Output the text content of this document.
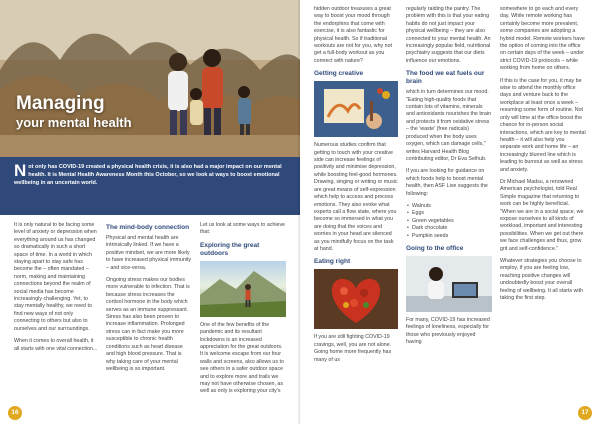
Managing
your mental health
N ot only has COVID-19 created a physical health crisis, it is also had a major impact on our mental health. It is Mental Health Awareness Month this October, so we look at ways to boost emotional wellbeing in an uncertain world.

It is only natural to be facing some level of anxiety or depression when everything around us has changed so dramatically in such a short space of time. In a world in which staying apart to stay safe has become the – often mandated – norm, making and maintaining connections beyond the realm of social media has become increasingly challenging. Yet, to stay mentally healthy, we need to find new ways of not only connecting to others but also to ourselves and our surroundings.

When it comes to overall health, it all starts with one vital connection...

The mind-body connection

Physical and mental health are intrinsically linked. If we have a positive mindset, we are more likely to have increased physical immunity – and vice-versa.

Ongoing stress makes our bodies more vulnerable to infection. That is because stress increases the cortisol hormone in the body which serves as an immune suppressant. Stress has also been proven to increase inflammation. Prolonged stress can in fact make you more susceptible to chronic health conditions such as heart disease and high blood pressure. That is why taking care of your mental wellbeing is so important.

Let us look at some ways to achieve that:

Exploring the great outdoors

One of the few benefits of the pandemic and its resultant lockdowns is an increased appreciation for the great outdoors. It is welcome escape from our four walls and screens, also allows us to see others in a safer outdoor space and to explore more and trails we may not have otherwise chosen, as well as only is exploring your city's

16

hidden outdoor treasures a great way to boost your mood through the endorphins that come with exercise, it is also fantastic for physical health. So if traditional workouts are not for you, why not get a full-body workout as you connect with nature?

Getting creative

Numerous studies confirm that getting to touch with your creative side can increase feelings of positivity and minimise depression, while boosting feel-good hormones. Drawing, singing or writing or music are great means of self-expression which help to access and process emotions. They also evoke what experts call a flow state, where you become so immersed in what you are doing that the voices and worries in your head are silenced as you mindfully focus on the task at hand.

Eating right

If you are still fighting COVID-19 cravings, well, you are not alone. Going home more frequently has many of us

regularly raiding the pantry. The problem with this is that your eating habits do not just impact your physical wellbeing – they are also connected to your mental health. An increasingly popular field, nutritional psychiatry suggests that our diets influence our emotions.

The food we eat fuels our brain

which in turn determines our mood. "Eating high-quality foods that contain lots of vitamins, minerals and antioxidants nourishes the brain and protects it from oxidative stress – the 'waste' (free radicals) produced when the body uses oxygen, which can damage cells," writes Harvard Health Blog contributing editor, Dr Eva Selhub.

If you are looking for guidance on which foods help to boost mental health, then ASF Live suggests the following:

• Walnuts
• Eggs
• Green vegetables
• Dark chocolate
• Pumpkin seeds
Going to the office

For many, COVID-19 has increased feelings of loneliness, especially for those who previously enjoyed having

somewhere to go each and every day. While remote working has certainly become more prevalent, some companies are adopting a hybrid model. Remote workers have the option of coming into the office on certain days of the week – under strict COVID-19 protocols – while working from home on others.

If this is the case for you, it may be wise to attend the monthly office days and venture back to the workplace at least once a week – resuming some form of routine. Not only will time at the office boost the chance for in-person social interactions, which are key to mental health – it will also help you separate work and home life – an increasingly blurred line which is leading to burnout as well as stress and anxiety.

Dr Michael Madsu, a renowned American psychologist, told Real Simple magazine that returning to work can be highly beneficial. "When we are in a social space, we expose ourselves to all kinds of workload, important and interesting possibilities. When we get out there we face challenges and thus, grow grit and self-confidence."

Whatever strategies you choose to employ, if you are feeling low, reaching positive changes will undoubtedly boost your overall feeling of wellbeing. It all starts with taking the first step.

17
